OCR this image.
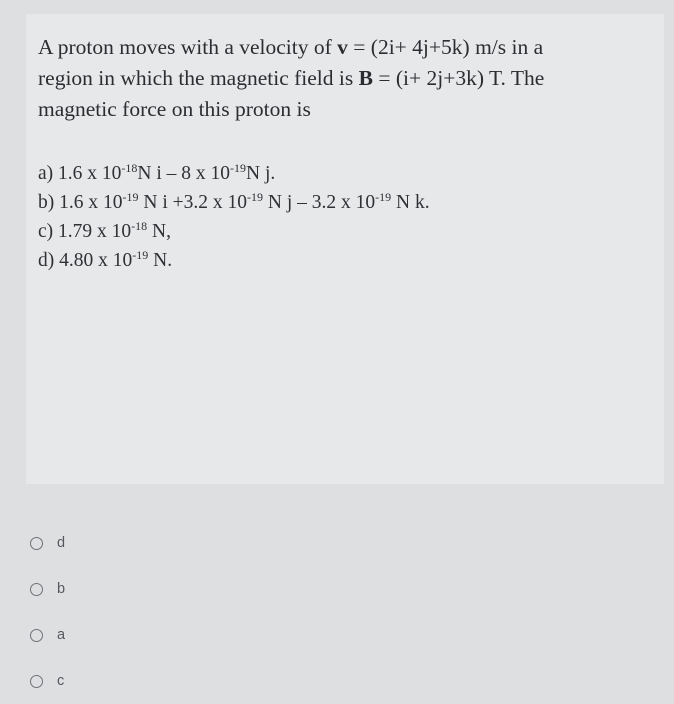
A proton moves with a velocity of v = (2i+ 4j+5k) m/s in a
region in which the magnetic field is B = (i+ 2j+3k) T. The
magnetic force on this proton is
a) 1.6 x $10^{-18}N$ i – 8 x $10^{-19}N$ j.
b) 1.6 x $10^{-19}$ N i +3.2 x $10^{-19}$ N j – 3.2 x $10^{-19}$ N k.
c) 1.79 x $10^{-18}$ N,
d) 4.80 x $10^{-19}$ N.
d
b
a
c
